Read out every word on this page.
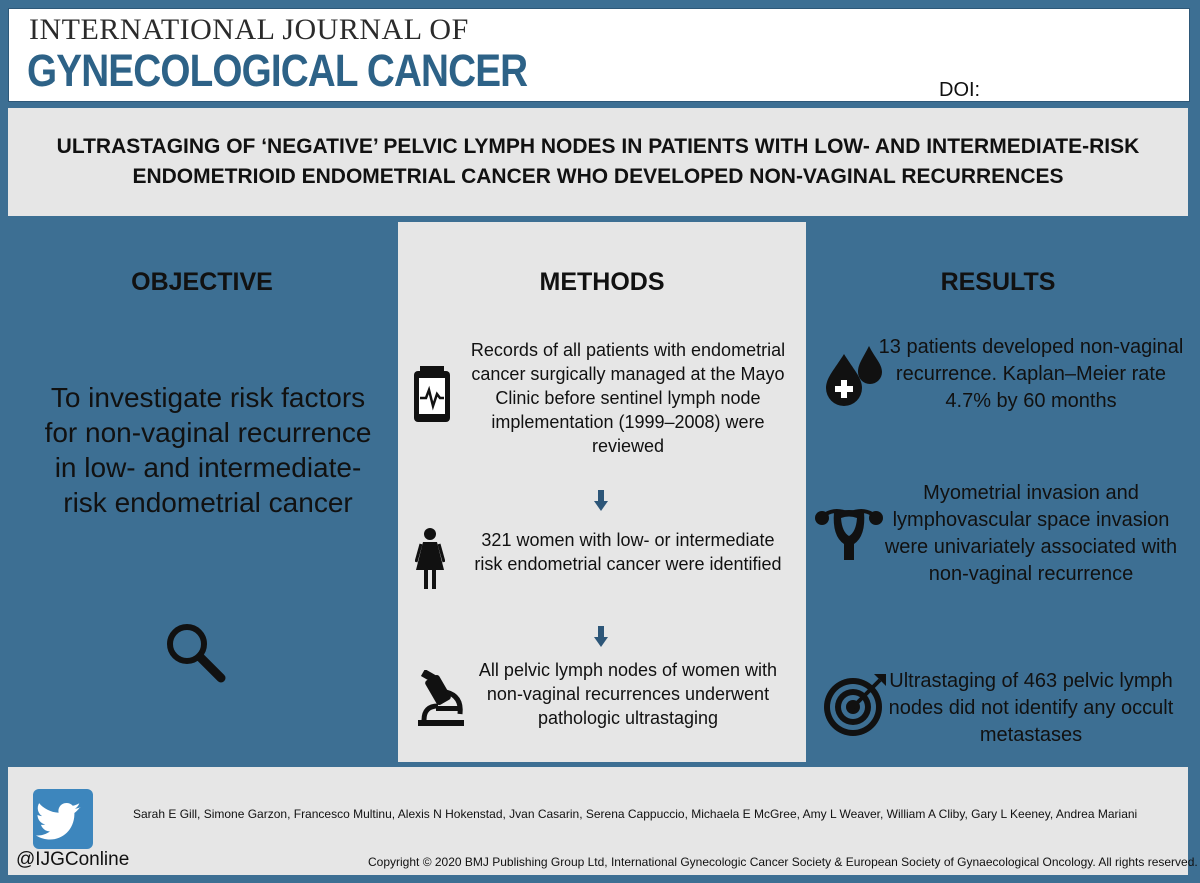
INTERNATIONAL JOURNAL OF
GYNECOLOGICAL CANCER	DOI:
ULTRASTAGING OF ‘NEGATIVE’ PELVIC LYMPH NODES IN PATIENTS WITH LOW- AND INTERMEDIATE-RISK
ENDOMETRIOID ENDOMETRIAL CANCER WHO DEVELOPED NON-VAGINAL RECURRENCES
OBJECTIVE
To investigate risk factors for non-vaginal recurrence in low- and intermediate-risk endometrial cancer
METHODS
Records of all patients with endometrial cancer surgically managed at the Mayo Clinic before sentinel lymph node implementation (1999–2008) were reviewed
321 women with low- or intermediate risk endometrial cancer were identified
All pelvic lymph nodes of women with non-vaginal recurrences underwent pathologic ultrastaging
RESULTS
13 patients developed non-vaginal recurrence. Kaplan–Meier rate 4.7% by 60 months
Myometrial invasion and lymphovascular space invasion were univariately associated with non-vaginal recurrence
Ultrastaging of 463 pelvic lymph nodes did not identify any occult metastases
@IJGConline
Sarah E Gill, Simone Garzon, Francesco Multinu, Alexis N Hokenstad, Jvan Casarin, Serena Cappuccio, Michaela E McGree, Amy L Weaver, William A Cliby, Gary L Keeney, Andrea Mariani
Copyright © 2020 BMJ Publishing Group Ltd, International Gynecologic Cancer Society & European Society of Gynaecological Oncology. All rights reserved.
